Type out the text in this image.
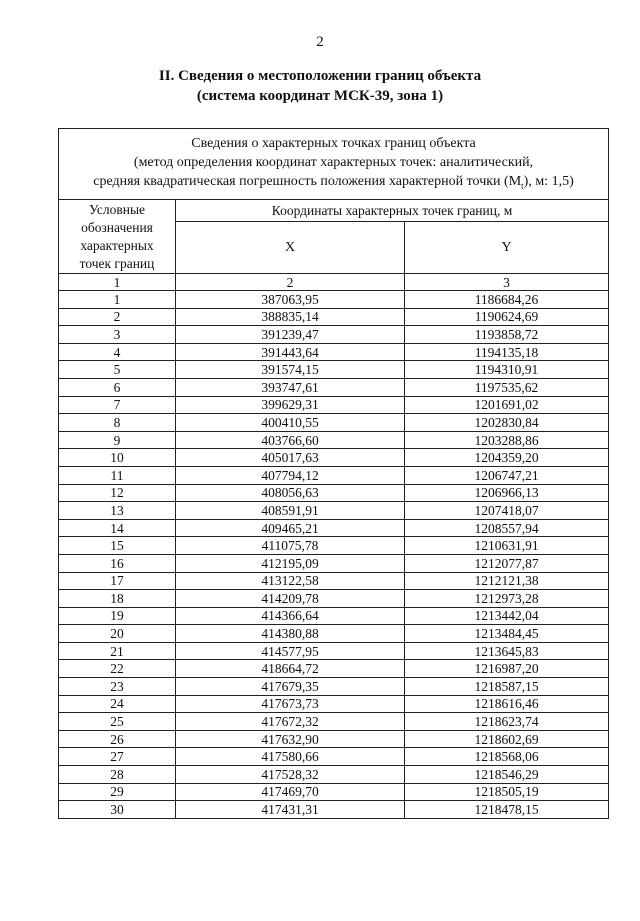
2
II. Сведения о местоположении границ объекта
(система координат МСК-39, зона 1)
Сведения о характерных точках границ объекта
(метод определения координат характерных точек: аналитический,
средняя квадратическая погрешность положения характерной точки $(M_t)$, м: 1,5)		

Условные
обозначения
характерных
точек границ	Координаты характерных точек границ, м	
	X	Y
1	2	3
1	387063,95	1186684,26
2	388835,14	1190624,69
3	391239,47	1193858,72
4	391443,64	1194135,18
5	391574,15	1194310,91
6	393747,61	1197535,62
7	399629,31	1201691,02
8	400410,55	1202830,84
9	403766,60	1203288,86
10	405017,63	1204359,20
11	407794,12	1206747,21
12	408056,63	1206966,13
13	408591,91	1207418,07
14	409465,21	1208557,94
15	411075,78	1210631,91
16	412195,09	1212077,87
17	413122,58	1212121,38
18	414209,78	1212973,28
19	414366,64	1213442,04
20	414380,88	1213484,45
21	414577,95	1213645,83
22	418664,72	1216987,20
23	417679,35	1218587,15
24	417673,73	1218616,46
25	417672,32	1218623,74
26	417632,90	1218602,69
27	417580,66	1218568,06
28	417528,32	1218546,29
29	417469,70	1218505,19
30	417431,31	1218478,15
